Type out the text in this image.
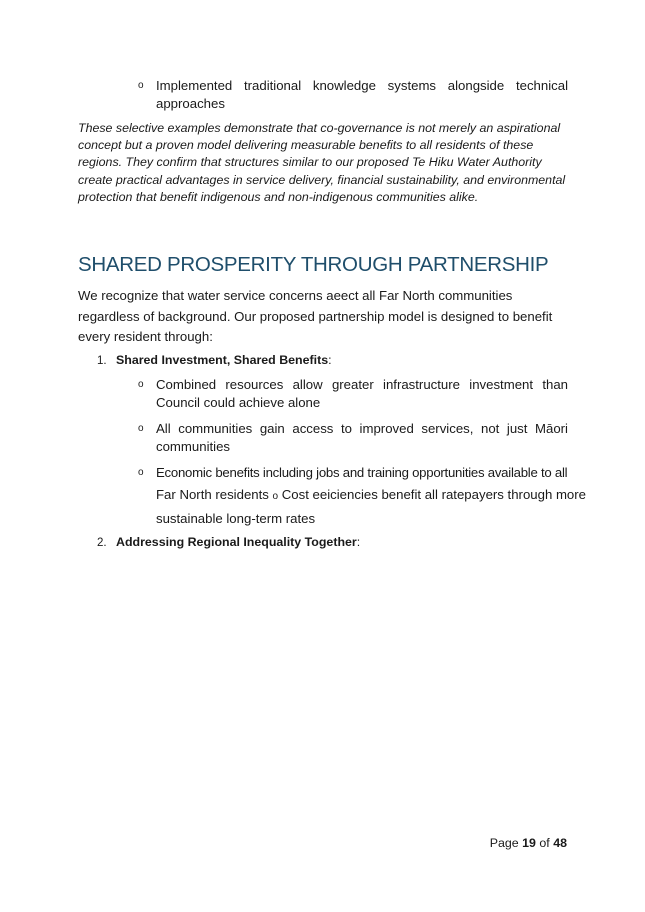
o Implemented traditional knowledge systems alongside technical approaches
These selective examples demonstrate that co-governance is not merely an aspirational concept but a proven model delivering measurable benefits to all residents of these regions. They confirm that structures similar to our proposed Te Hiku Water Authority create practical advantages in service delivery, financial sustainability, and environmental protection that benefit indigenous and non-indigenous communities alike.
SHARED PROSPERITY THROUGH PARTNERSHIP
We recognize that water service concerns aeect all Far North communities regardless of background. Our proposed partnership model is designed to benefit every resident through:
1. Shared Investment, Shared Benefits:
o Combined resources allow greater infrastructure investment than Council could achieve alone
o All communities gain access to improved services, not just Māori communities
o Economic benefits including jobs and training opportunities available to all
Far North residents o Cost eeiciencies benefit all ratepayers through more
sustainable long-term rates
2. Addressing Regional Inequality Together:
Page 19 of 48
